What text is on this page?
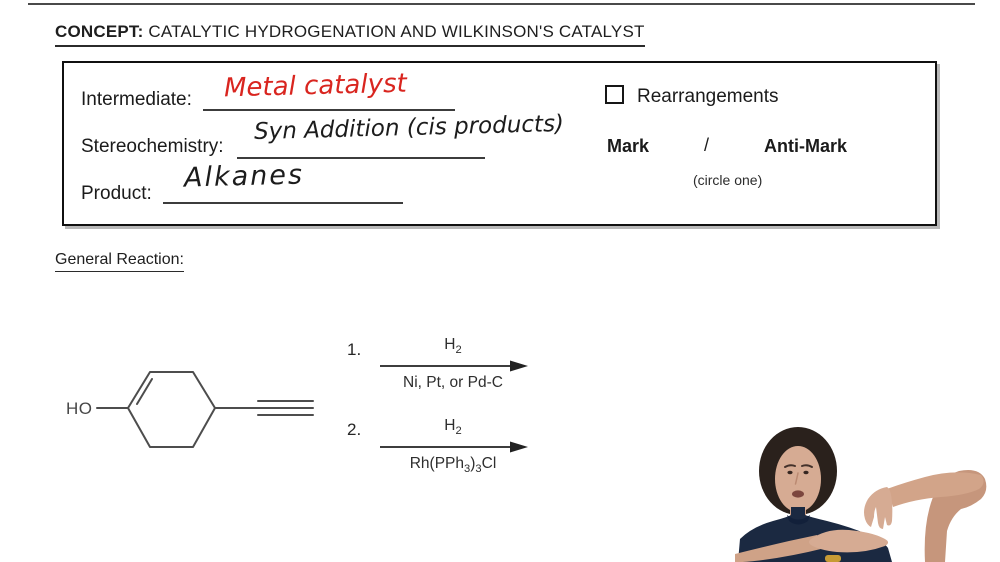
CONCEPT: CATALYTIC HYDROGENATION AND WILKINSON'S CATALYST
Intermediate: Metal catalyst
Stereochemistry:
Syn Addition (cis products)
Product: Alkanes
Rearrangements
Mark	/	Anti-Mark
(circle one)
General Reaction:
HO
1.	$H_2$
Ni, Pt, or Pd-C
2.	$H_2$
$Rh(PPh_3)_3Cl$
